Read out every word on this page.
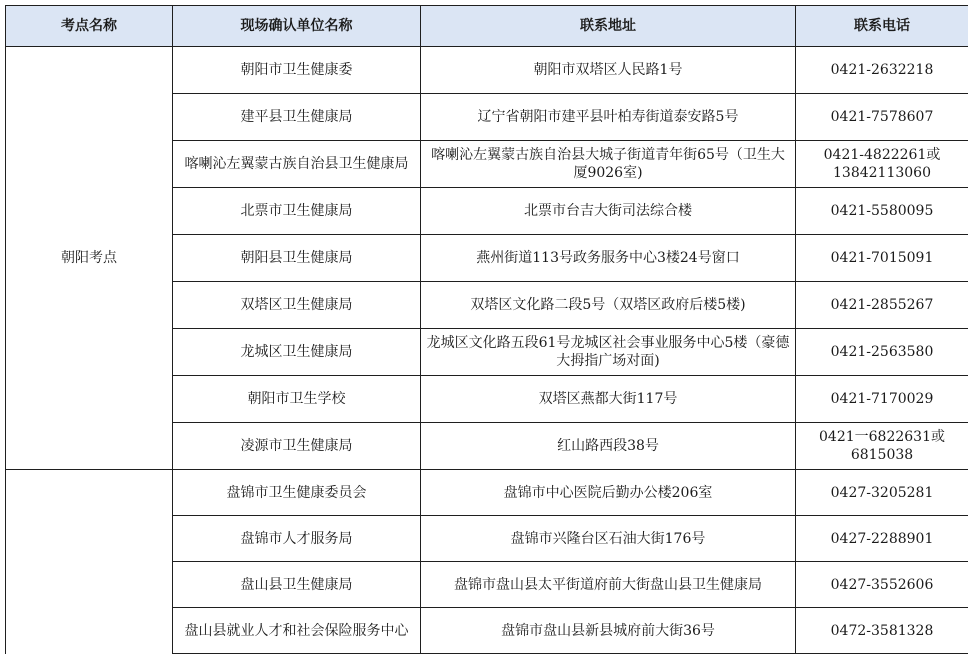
考点名称	现场确认单位名称	联系地址	联系电话
朝阳考点	朝阳市卫生健康委	朝阳市双塔区人民路1号	0421-2632218
	建平县卫生健康局	辽宁省朝阳市建平县叶柏寿街道泰安路5号	0421-7578607
	喀喇沁左翼蒙古族自治县卫生健康局	喀喇沁左翼蒙古族自治县大城子街道青年街65号（卫生大厦9026室)	0421-4822261或13842113060
	北票市卫生健康局	北票市台吉大街司法综合楼	0421-5580095
	朝阳县卫生健康局	燕州街道113号政务服务中心3楼24号窗口	0421-7015091
	双塔区卫生健康局	双塔区文化路二段5号（双塔区政府后楼5楼)	0421-2855267
	龙城区卫生健康局	龙城区文化路五段61号龙城区社会事业服务中心5楼（豪德大拇指广场对面)	0421-2563580
	朝阳市卫生学校	双塔区燕都大街117号	0421-7170029
	凌源市卫生健康局	红山路西段38号	0421一6822631或6815038
	盘锦市卫生健康委员会	盘锦市中心医院后勤办公楼206室	0427-3205281
	盘锦市人才服务局	盘锦市兴隆台区石油大街176号	0427-2288901
	盘山县卫生健康局	盘锦市盘山县太平街道府前大街盘山县卫生健康局	0427-3552606
	盘山县就业人才和社会保险服务中心	盘锦市盘山县新县城府前大街36号	0472-3581328
